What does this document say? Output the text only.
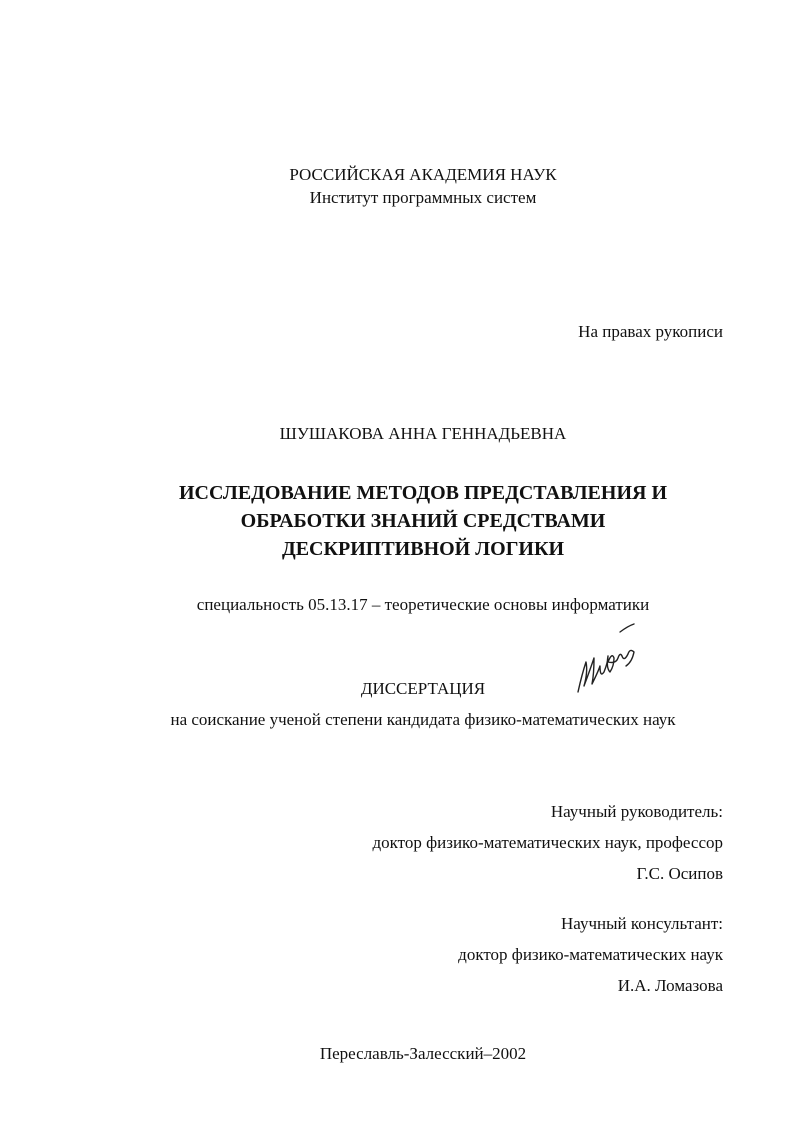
РОССИЙСКАЯ АКАДЕМИЯ НАУК
Институт программных систем
На правах рукописи
ШУШАКОВА АННА ГЕННАДЬЕВНА
ИССЛЕДОВАНИЕ МЕТОДОВ ПРЕДСТАВЛЕНИЯ И
ОБРАБОТКИ ЗНАНИЙ СРЕДСТВАМИ
ДЕСКРИПТИВНОЙ ЛОГИКИ
специальность 05.13.17 – теоретические основы информатики
ДИССЕРТАЦИЯ
на соискание ученой степени кандидата физико-математических наук
Научный руководитель:
доктор физико-математических наук, профессор
Г.С. Осипов
Научный консультант:
доктор физико-математических наук
И.А. Ломазова
Переславль-Залесский–2002
